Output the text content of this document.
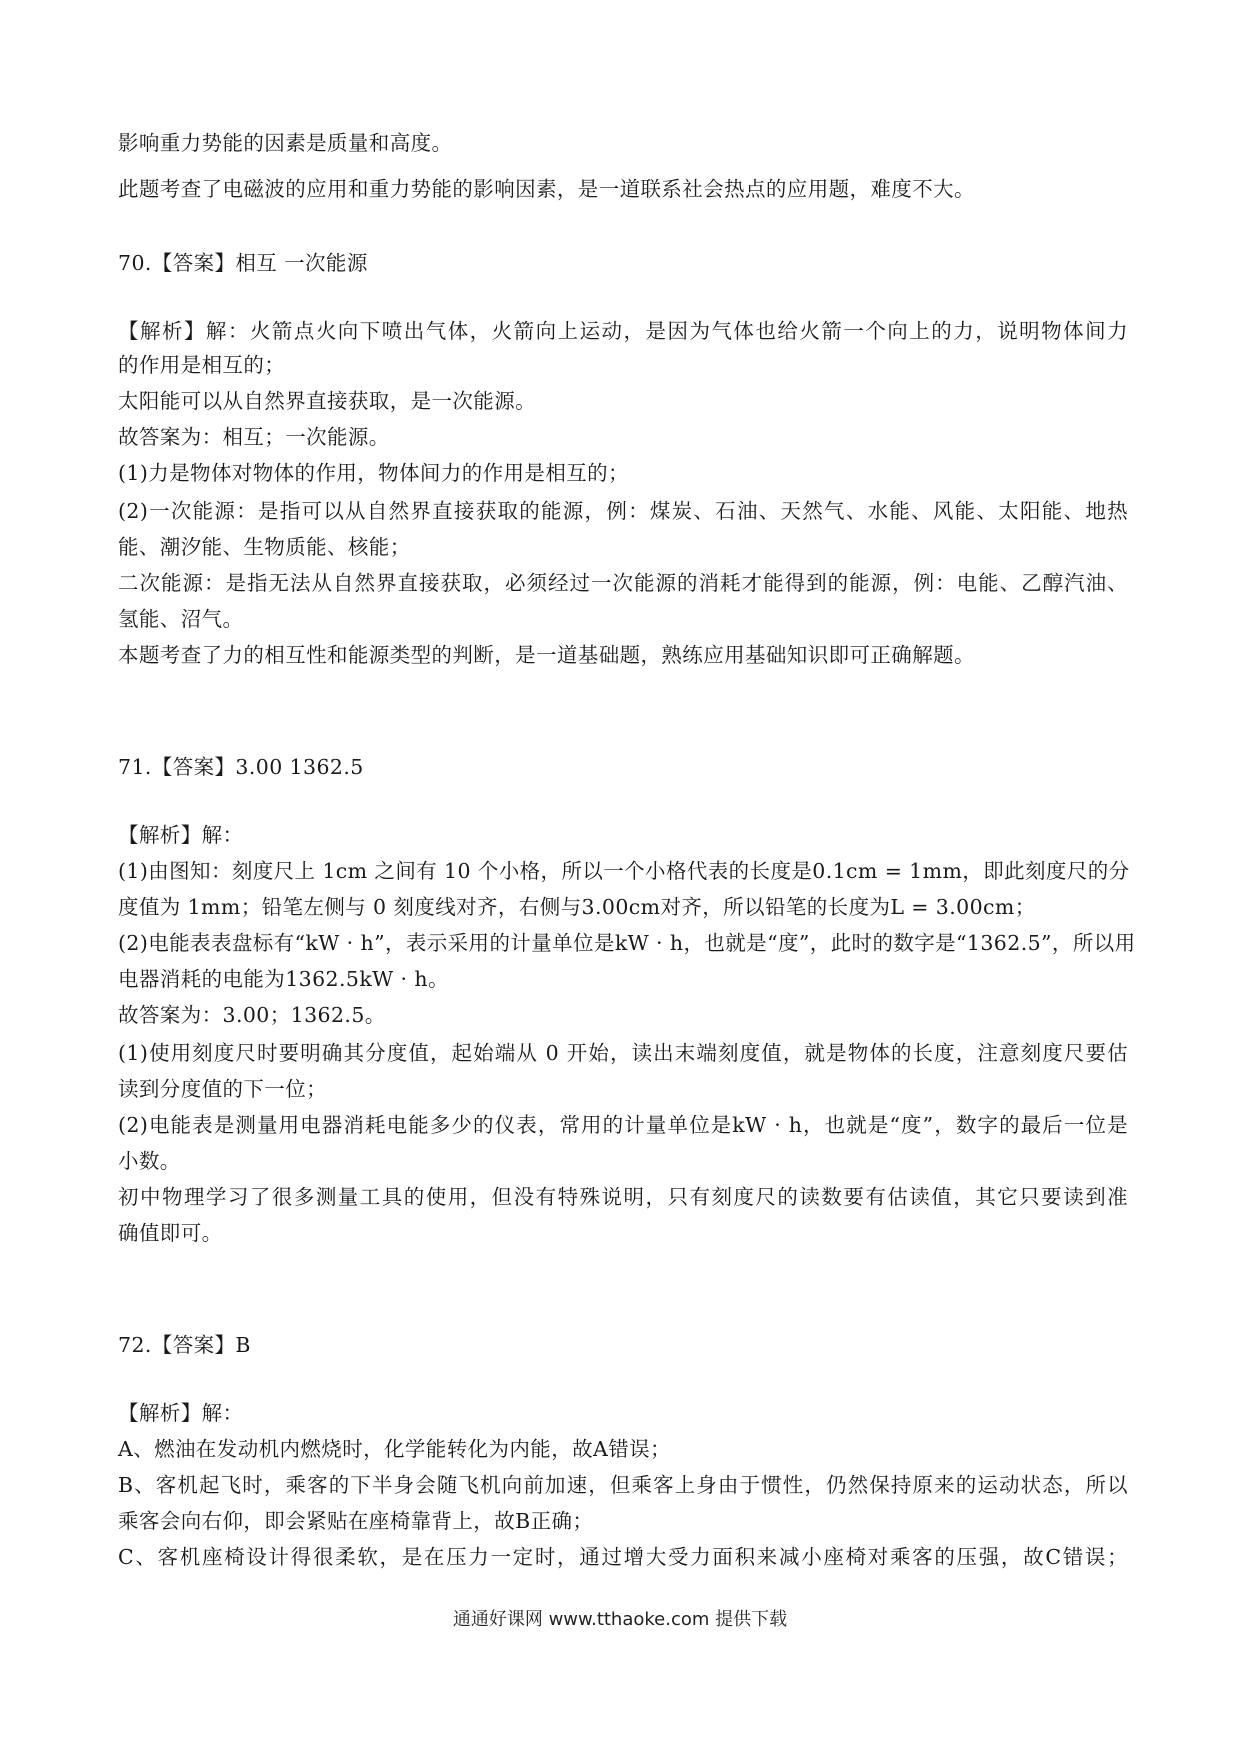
影响重力势能的因素是质量和高度。
此题考查了电磁波的应用和重力势能的影响因素，是一道联系社会热点的应用题，难度不大。
70.【答案】相互 一次能源
【解析】解：火箭点火向下喷出气体，火箭向上运动，是因为气体也给火箭一个向上的力，说明物体间力
的作用是相互的；
太阳能可以从自然界直接获取，是一次能源。
故答案为：相互；一次能源。
(1)力是物体对物体的作用，物体间力的作用是相互的；
(2)一次能源：是指可以从自然界直接获取的能源，例：煤炭、石油、天然气、水能、风能、太阳能、地热
能、潮汐能、生物质能、核能；
二次能源：是指无法从自然界直接获取，必须经过一次能源的消耗才能得到的能源，例：电能、乙醇汽油、
氢能、沼气。
本题考查了力的相互性和能源类型的判断，是一道基础题，熟练应用基础知识即可正确解题。
71.【答案】3.00 1362.5
【解析】解：
(1)由图知：刻度尺上 1cm 之间有 10 个小格，所以一个小格代表的长度是0.1cm = 1mm，即此刻度尺的分
度值为 1mm；铅笔左侧与 0 刻度线对齐，右侧与3.00cm对齐，所以铅笔的长度为L = 3.00cm；
(2)电能表表盘标有“kW · h”，表示采用的计量单位是kW · h，也就是“度”，此时的数字是“1362.5”，所以用
电器消耗的电能为1362.5kW · h。
故答案为：3.00；1362.5。
(1)使用刻度尺时要明确其分度值，起始端从 0 开始，读出末端刻度值，就是物体的长度，注意刻度尺要估
读到分度值的下一位；
(2)电能表是测量用电器消耗电能多少的仪表，常用的计量单位是kW · h，也就是“度”，数字的最后一位是
小数。
初中物理学习了很多测量工具的使用，但没有特殊说明，只有刻度尺的读数要有估读值，其它只要读到准
确值即可。
72.【答案】B
【解析】解：
A、燃油在发动机内燃烧时，化学能转化为内能，故A错误；
B、客机起飞时，乘客的下半身会随飞机向前加速，但乘客上身由于惯性，仍然保持原来的运动状态，所以
乘客会向右仰，即会紧贴在座椅靠背上，故B正确；
C、客机座椅设计得很柔软，是在压力一定时，通过增大受力面积来减小座椅对乘客的压强，故C错误；
通通好课网 www.tthaoke.com 提供下载
